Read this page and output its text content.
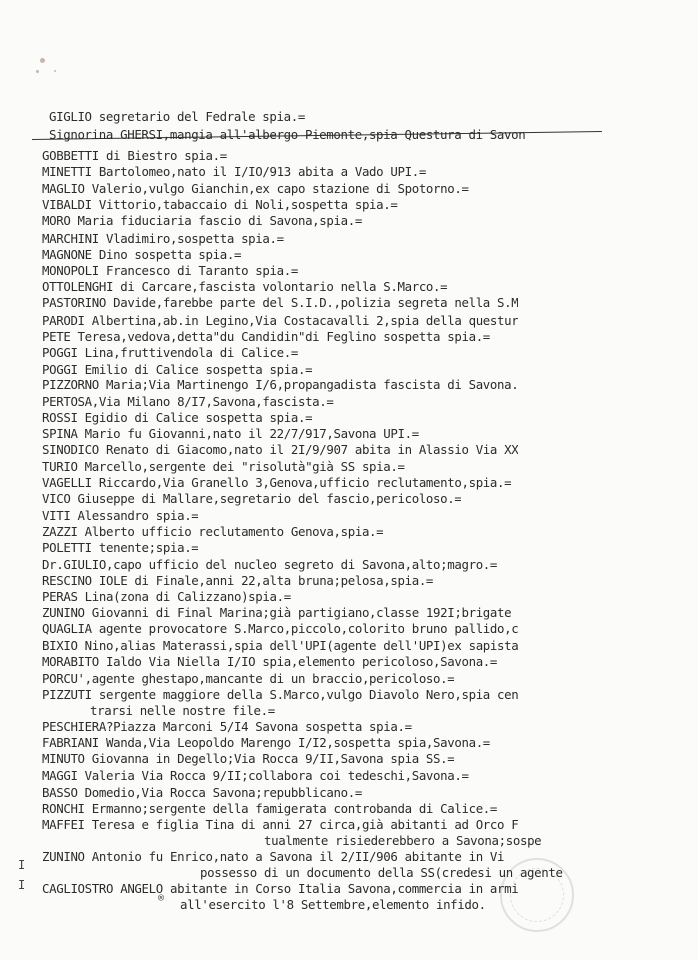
GIGLIO segretario del Fedrale spia.=
Signorina GHERSI,mangia all'albergo Piemonte,spia Questura di Savon
GOBBETTI di Biestro spia.=
MINETTI Bartolomeo,nato il I/IO/913 abita a Vado UPI.=
MAGLIO Valerio,vulgo Gianchin,ex capo stazione di Spotorno.=
VIBALDI Vittorio,tabaccaio di Noli,sospetta spia.=
MORO Maria fiduciaria fascio di Savona,spia.=
MARCHINI Vladimiro,sospetta spia.=
MAGNONE Dino sospetta spia.=
MONOPOLI Francesco di Taranto spia.=
OTTOLENGHI di Carcare,fascista volontario nella S.Marco.=
PASTORINO Davide,farebbe parte del S.I.D.,polizia segreta nella S.M
PARODI Albertina,ab.in Legino,Via Costacavalli 2,spia della questur
PETE Teresa,vedova,detta"du Candidin"di Feglino sospetta spia.=
POGGI Lina,fruttivendola di Calice.=
POGGI Emilio di Calice sospetta spia.=
PIZZORNO Maria;Via Martinengo I/6,propangadista fascista di Savona.
PERTOSA,Via Milano 8/I7,Savona,fascista.=
ROSSI Egidio di Calice sospetta spia.=
SPINA Mario fu Giovanni,nato il 22/7/917,Savona UPI.=
SINODICO Renato di Giacomo,nato il 2I/9/907 abita in Alassio Via XX
TURIO Marcello,sergente dei "risolutà"già SS spia.=
VAGELLI Riccardo,Via Granello 3,Genova,ufficio reclutamento,spia.=
VICO Giuseppe di Mallare,segretario del fascio,pericoloso.=
VITI Alessandro spia.=
ZAZZI Alberto ufficio reclutamento Genova,spia.=
POLETTI tenente;spia.=
Dr.GIULIO,capo ufficio del nucleo segreto di Savona,alto;magro.=
RESCINO IOLE di Finale,anni 22,alta bruna;pelosa,spia.=
PERAS Lina(zona di Calizzano)spia.=
ZUNINO Giovanni di Final Marina;già partigiano,classe 192I;brigate
QUAGLIA agente provocatore S.Marco,piccolo,colorito bruno pallido,c
BIXIO Nino,alias Materassi,spia dell'UPI(agente dell'UPI)ex sapista
MORABITO Ialdo Via Niella I/IO spia,elemento pericoloso,Savona.=
PORCU',agente ghestapo,mancante di un braccio,pericoloso.=
PIZZUTI sergente maggiore della S.Marco,vulgo Diavolo Nero,spia cen
trarsi nelle nostre file.=
PESCHIERA?Piazza Marconi 5/I4 Savona sospetta spia.=
FABRIANI Wanda,Via Leopoldo Marengo I/I2,sospetta spia,Savona.=
MINUTO Giovanna in Degello;Via Rocca 9/II,Savona spia SS.=
MAGGI Valeria Via Rocca 9/II;collabora coi tedeschi,Savona.=
BASSO Domedio,Via Rocca Savona;repubblicano.=
RONCHI Ermanno;sergente della famigerata controbanda di Calice.=
MAFFEI Teresa e figlia Tina di anni 27 circa,già abitanti ad Orco F
tualmente risiederebbero a Savona;sospe
ZUNINO Antonio fu Enrico,nato a Savona il 2/II/906 abitante in Vi
possesso di un documento della SS(credesi un agente
CAGLIOSTRO ANGELO abitante in Corso Italia Savona,commercia in armi
all'esercito l'8 Settembre,elemento infido.
I
I
®
